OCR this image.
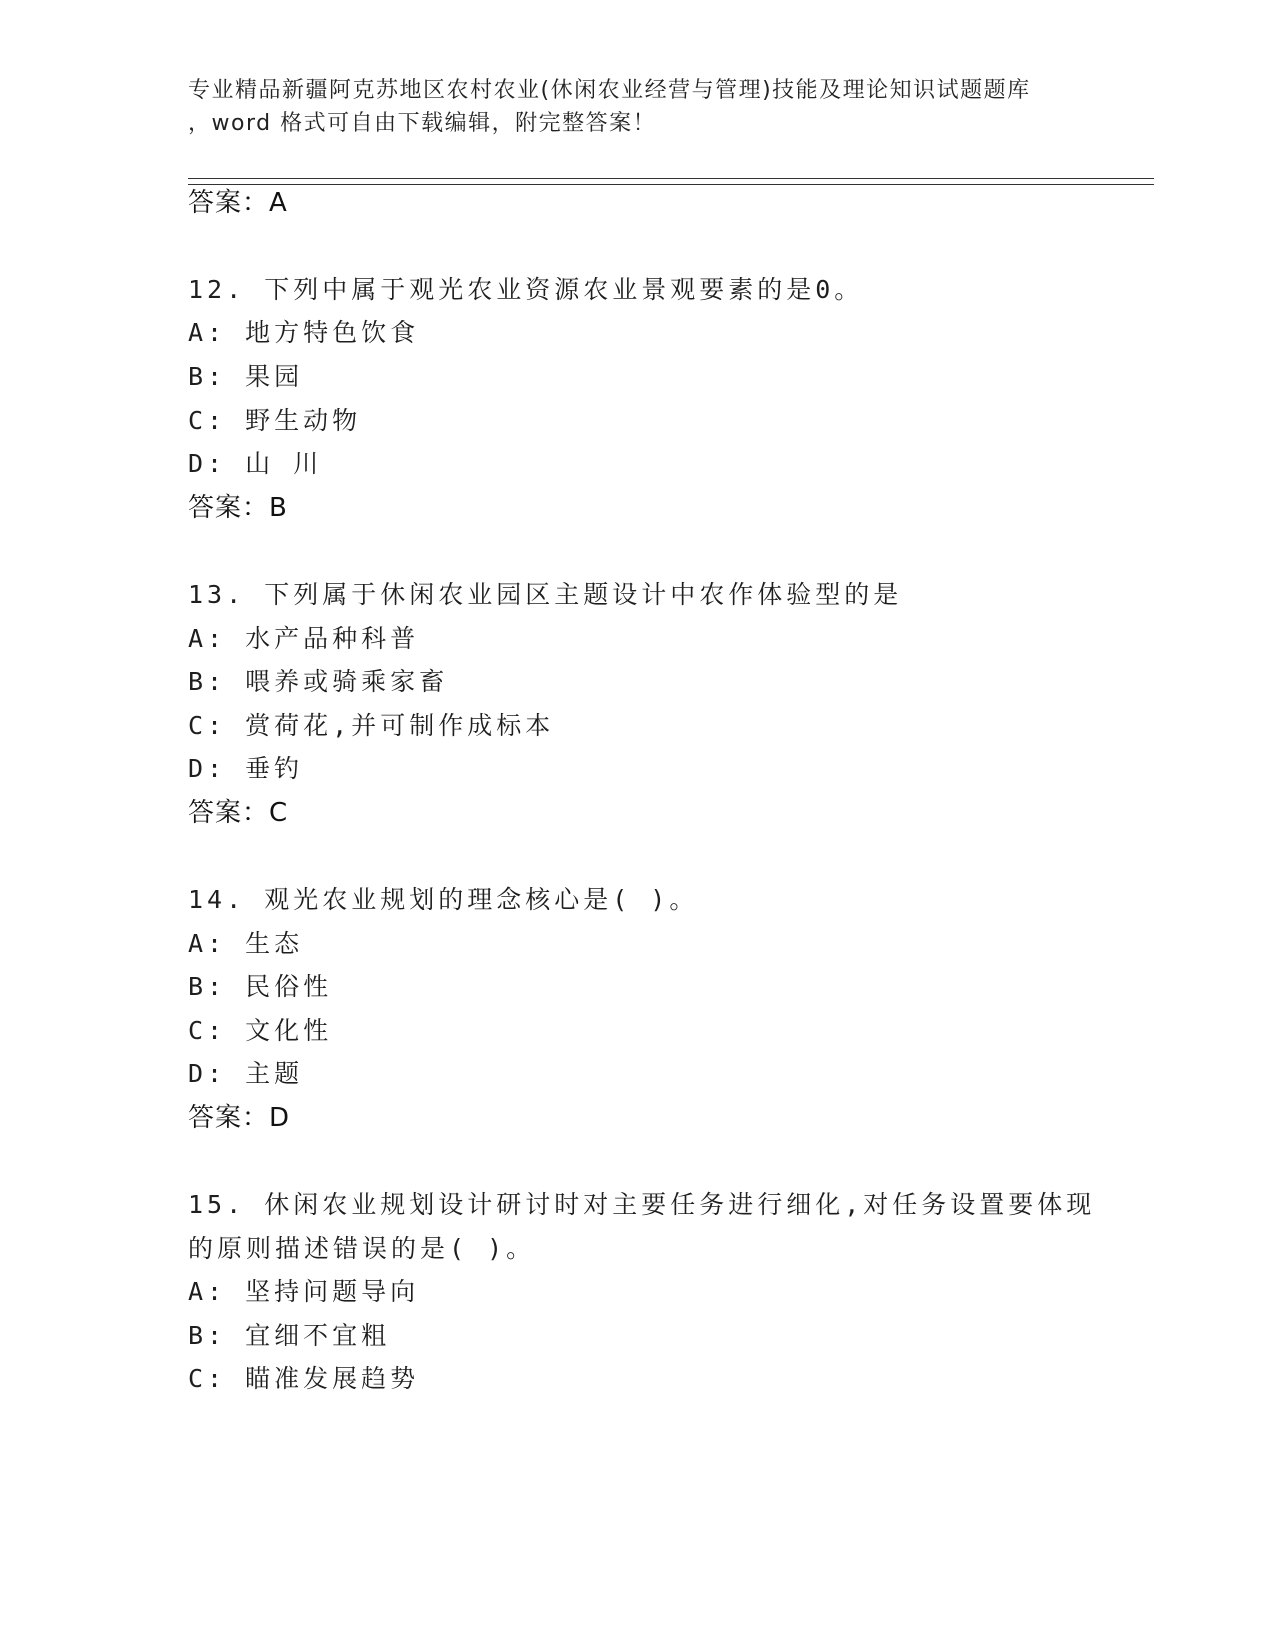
专业精品新疆阿克苏地区农村农业(休闲农业经营与管理)技能及理论知识试题题库
，word 格式可自由下载编辑，附完整答案！
答案：A
12. 下列中属于观光农业资源农业景观要素的是0。
A: 地方特色饮食
B: 果园
C: 野生动物
D: 山 川
答案：B
13. 下列属于休闲农业园区主题设计中农作体验型的是
A: 水产品种科普
B: 喂养或骑乘家畜
C: 赏荷花,并可制作成标本
D: 垂钓
答案：C
14. 观光农业规划的理念核心是( )。
A: 生态
B: 民俗性
C: 文化性
D: 主题
答案：D
15. 休闲农业规划设计研讨时对主要任务进行细化,对任务设置要体现
的原则描述错误的是( )。
A: 坚持问题导向
B: 宜细不宜粗
C: 瞄准发展趋势
